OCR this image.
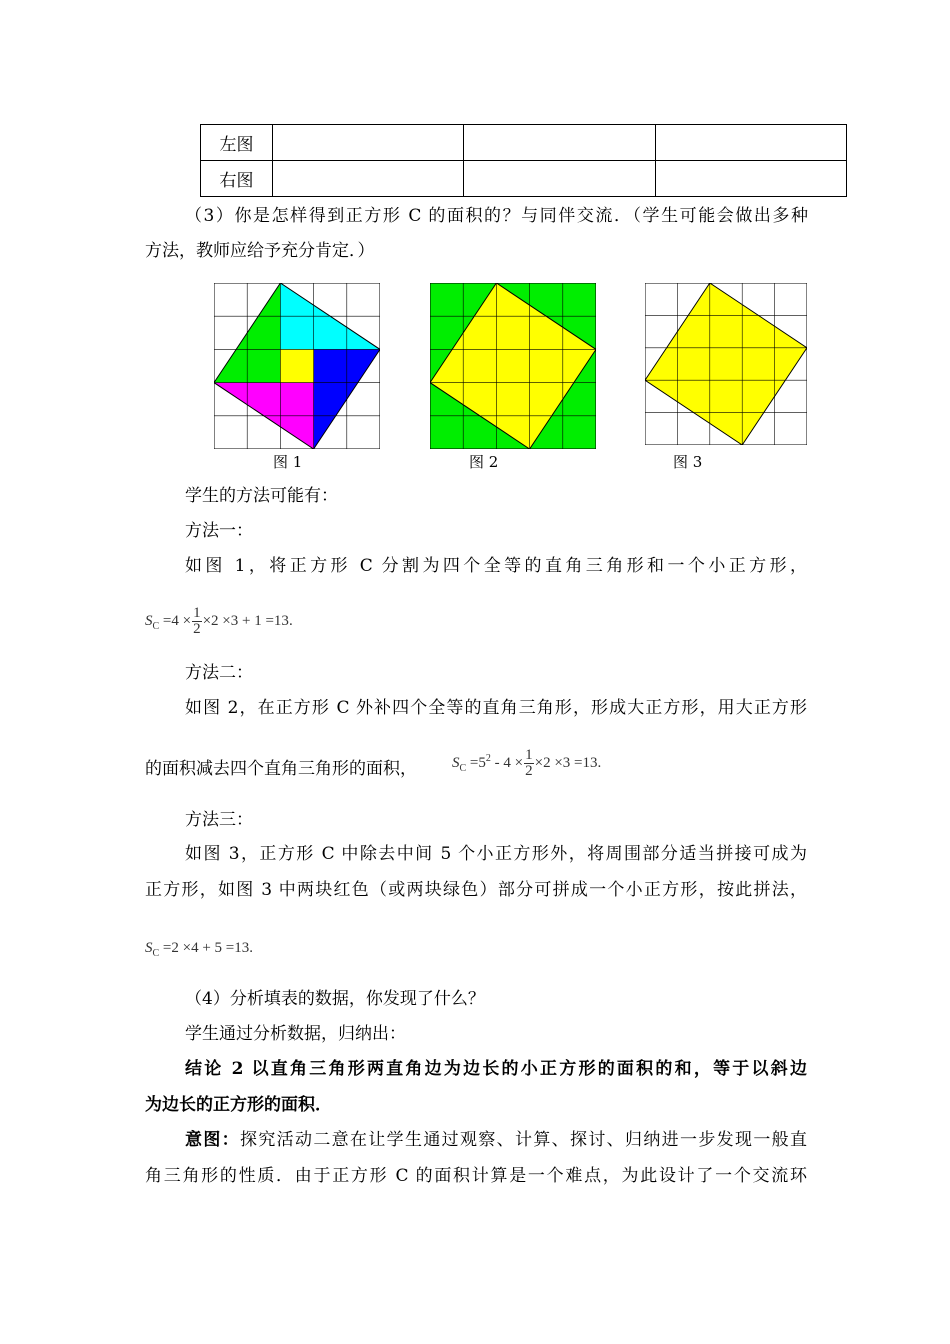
左图			
右图			
（3）你是怎样得到正方形 C 的面积的？与同伴交流．（学生可能会做出多种
方法，教师应给予充分肯定．）
图 1	图 2	图 3
学生的方法可能有：
方法一：
如图 1，将正方形 C 分割为四个全等的直角三角形和一个小正方形，
$S_C =4 \times \frac{1}{2} \times 2 \times 3 + 1 =13$.
方法二：
如图 2，在正方形 C 外补四个全等的直角三角形，形成大正方形，用大正方形
的面积减去四个直角三角形的面积， $S_C =5^2 - 4 \times \frac{1}{2} \times 2 \times 3 =13$.
方法三：
如图 3，正方形 C 中除去中间 5 个小正方形外，将周围部分适当拼接可成为
正方形，如图 3 中两块红色（或两块绿色）部分可拼成一个小正方形，按此拼法，
$S_C =2 \times 4 + 5 =13$.
（4）分析填表的数据，你发现了什么？
学生通过分析数据，归纳出：
结论 2 以直角三角形两直角边为边长的小正方形的面积的和，等于以斜边
为边长的正方形的面积．
意图：探究活动二意在让学生通过观察、计算、探讨、归纳进一步发现一般直
角三角形的性质．由于正方形 C 的面积计算是一个难点，为此设计了一个交流环
